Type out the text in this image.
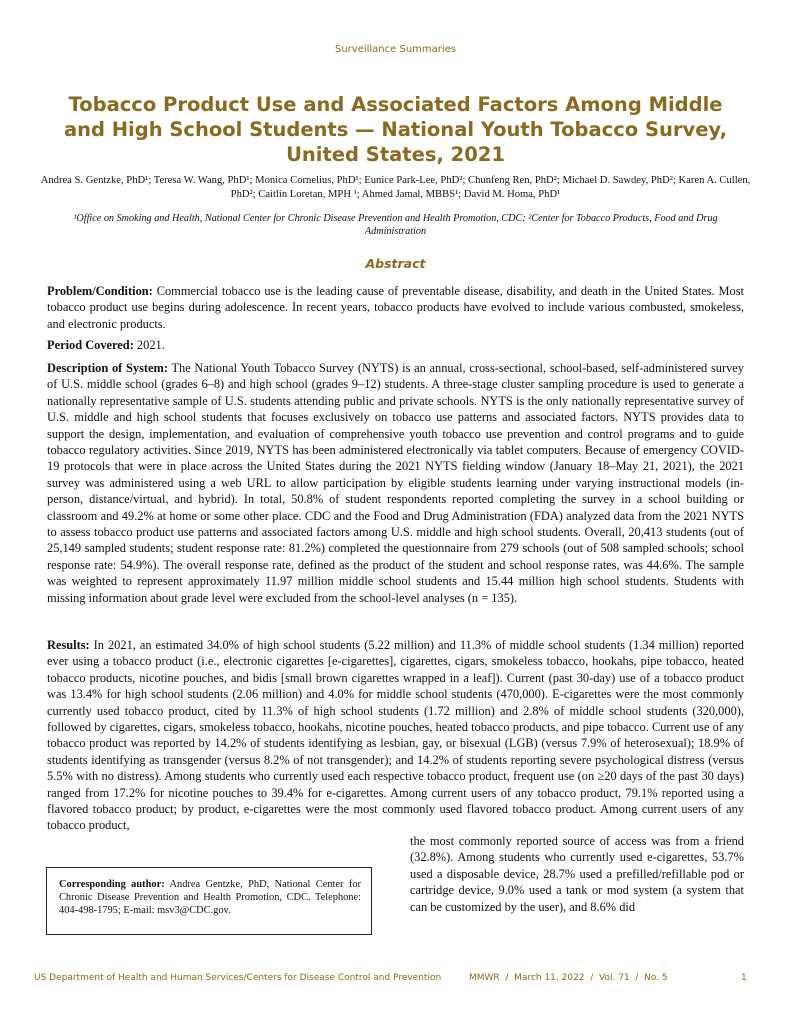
Surveillance Summaries
Tobacco Product Use and Associated Factors Among Middle and High School Students — National Youth Tobacco Survey, United States, 2021
Andrea S. Gentzke, PhD¹; Teresa W. Wang, PhD¹; Monica Cornelius, PhD¹; Eunice Park-Lee, PhD²; Chunfeng Ren, PhD²; Michael D. Sawdey, PhD²; Karen A. Cullen, PhD²; Caitlin Loretan, MPH ¹; Ahmed Jamal, MBBS¹; David M. Homa, PhD¹
¹Office on Smoking and Health, National Center for Chronic Disease Prevention and Health Promotion, CDC; ²Center for Tobacco Products, Food and Drug Administration
Abstract

Problem/Condition: Commercial tobacco use is the leading cause of preventable disease, disability, and death in the United States. Most tobacco product use begins during adolescence. In recent years, tobacco products have evolved to include various combusted, smokeless, and electronic products.

Period Covered: 2021.

Description of System: The National Youth Tobacco Survey (NYTS) is an annual, cross-sectional, school-based, self-administered survey of U.S. middle school (grades 6–8) and high school (grades 9–12) students. A three-stage cluster sampling procedure is used to generate a nationally representative sample of U.S. students attending public and private schools. NYTS is the only nationally representative survey of U.S. middle and high school students that focuses exclusively on tobacco use patterns and associated factors. NYTS provides data to support the design, implementation, and evaluation of comprehensive youth tobacco use prevention and control programs and to guide tobacco regulatory activities. Since 2019, NYTS has been administered electronically via tablet computers. Because of emergency COVID-19 protocols that were in place across the United States during the 2021 NYTS fielding window (January 18–May 21, 2021), the 2021 survey was administered using a web URL to allow participation by eligible students learning under varying instructional models (in-person, distance/virtual, and hybrid). In total, 50.8% of student respondents reported completing the survey in a school building or classroom and 49.2% at home or some other place. CDC and the Food and Drug Administration (FDA) analyzed data from the 2021 NYTS to assess tobacco product use patterns and associated factors among U.S. middle and high school students. Overall, 20,413 students (out of 25,149 sampled students; student response rate: 81.2%) completed the questionnaire from 279 schools (out of 508 sampled schools; school response rate: 54.9%). The overall response rate, defined as the product of the student and school response rates, was 44.6%. The sample was weighted to represent approximately 11.97 million middle school students and 15.44 million high school students. Students with missing information about grade level were excluded from the school-level analyses (n = 135).

Results: In 2021, an estimated 34.0% of high school students (5.22 million) and 11.3% of middle school students (1.34 million) reported ever using a tobacco product (i.e., electronic cigarettes [e-cigarettes], cigarettes, cigars, smokeless tobacco, hookahs, pipe tobacco, heated tobacco products, nicotine pouches, and bidis [small brown cigarettes wrapped in a leaf]). Current (past 30-day) use of a tobacco product was 13.4% for high school students (2.06 million) and 4.0% for middle school students (470,000). E-cigarettes were the most commonly currently used tobacco product, cited by 11.3% of high school students (1.72 million) and 2.8% of middle school students (320,000), followed by cigarettes, cigars, smokeless tobacco, hookahs, nicotine pouches, heated tobacco products, and pipe tobacco. Current use of any tobacco product was reported by 14.2% of students identifying as lesbian, gay, or bisexual (LGB) (versus 7.9% of heterosexual); 18.9% of students identifying as transgender (versus 8.2% of not transgender); and 14.2% of students reporting severe psychological distress (versus 5.5% with no distress). Among students who currently used each respective tobacco product, frequent use (on ≥20 days of the past 30 days) ranged from 17.2% for nicotine pouches to 39.4% for e-cigarettes. Among current users of any tobacco product, 79.1% reported using a flavored tobacco product; by product, e-cigarettes were the most commonly used flavored tobacco product. Among current users of any tobacco product,

the most commonly reported source of access was from a friend (32.8%). Among students who currently used e-cigarettes, 53.7% used a disposable device, 28.7% used a prefilled/refillable pod or cartridge device, 9.0% used a tank or mod system (a system that can be customized by the user), and 8.6% did

Corresponding author: Andrea Gentzke, PhD, National Center for Chronic Disease Prevention and Health Promotion, CDC. Telephone: 404-498-1795; E-mail: msv3@CDC.gov.
US Department of Health and Human Services/Centers for Disease Control and Prevention	MMWR  /  March 11, 2022  /  Vol. 71  /  No. 5	1
